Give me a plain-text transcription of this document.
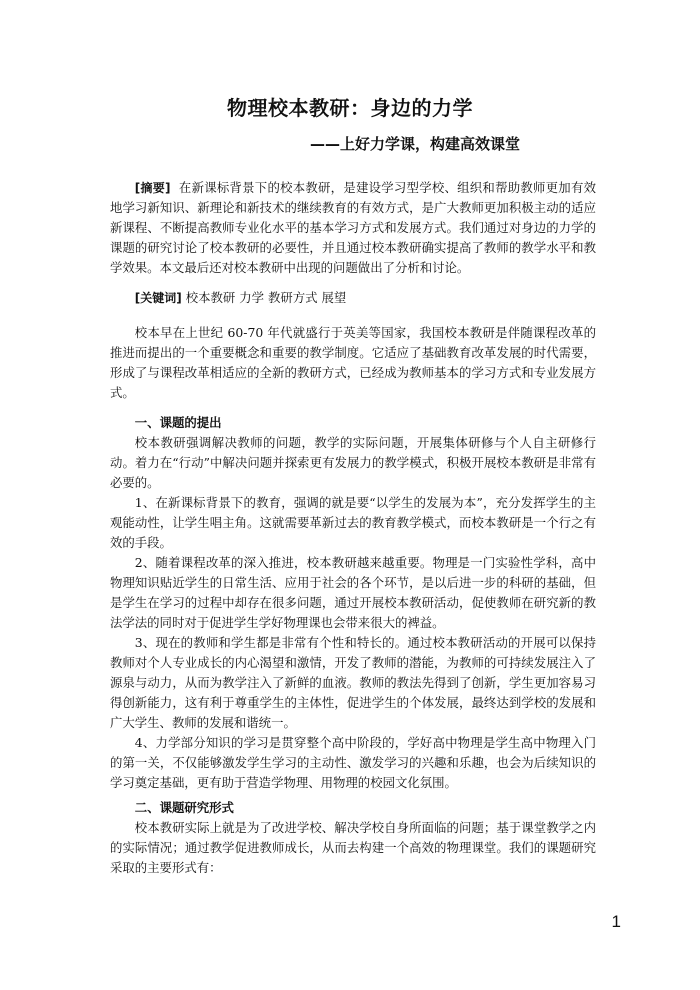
物理校本教研：身边的力学
——上好力学课，构建高效课堂

[摘要] 在新课标背景下的校本教研，是建设学习型学校、组织和帮助教师更加有效地学习新知识、新理论和新技术的继续教育的有效方式，是广大教师更加积极主动的适应新课程、不断提高教师专业化水平的基本学习方式和发展方式。我们通过对身边的力学的课题的研究讨论了校本教研的必要性，并且通过校本教研确实提高了教师的教学水平和教学效果。本文最后还对校本教研中出现的问题做出了分析和讨论。

[关键词] 校本教研 力学 教研方式 展望

校本早在上世纪 60-70 年代就盛行于英美等国家，我国校本教研是伴随课程改革的推进而提出的一个重要概念和重要的教学制度。它适应了基础教育改革发展的时代需要，形成了与课程改革相适应的全新的教研方式，已经成为教师基本的学习方式和专业发展方式。

一、课题的提出

校本教研强调解决教师的问题，教学的实际问题，开展集体研修与个人自主研修行动。着力在“行动”中解决问题并探索更有发展力的教学模式，积极开展校本教研是非常有必要的。

1、在新课标背景下的教育，强调的就是要“以学生的发展为本”，充分发挥学生的主观能动性，让学生唱主角。这就需要革新过去的教育教学模式，而校本教研是一个行之有效的手段。

2、随着课程改革的深入推进，校本教研越来越重要。物理是一门实验性学科，高中物理知识贴近学生的日常生活、应用于社会的各个环节，是以后进一步的科研的基础，但是学生在学习的过程中却存在很多问题，通过开展校本教研活动，促使教师在研究新的教法学法的同时对于促进学生学好物理课也会带来很大的裨益。

3、现在的教师和学生都是非常有个性和特长的。通过校本教研活动的开展可以保持教师对个人专业成长的内心渴望和激情，开发了教师的潜能，为教师的可持续发展注入了源泉与动力，从而为教学注入了新鲜的血液。教师的教法先得到了创新，学生更加容易习得创新能力，这有利于尊重学生的主体性，促进学生的个体发展，最终达到学校的发展和广大学生、教师的发展和谐统一。

4、力学部分知识的学习是贯穿整个高中阶段的，学好高中物理是学生高中物理入门的第一关，不仅能够激发学生学习的主动性、激发学习的兴趣和乐趣，也会为后续知识的学习奠定基础，更有助于营造学物理、用物理的校园文化氛围。

二、课题研究形式

校本教研实际上就是为了改进学校、解决学校自身所面临的问题；基于课堂教学之内的实际情况；通过教学促进教师成长，从而去构建一个高效的物理课堂。我们的课题研究采取的主要形式有：

1
